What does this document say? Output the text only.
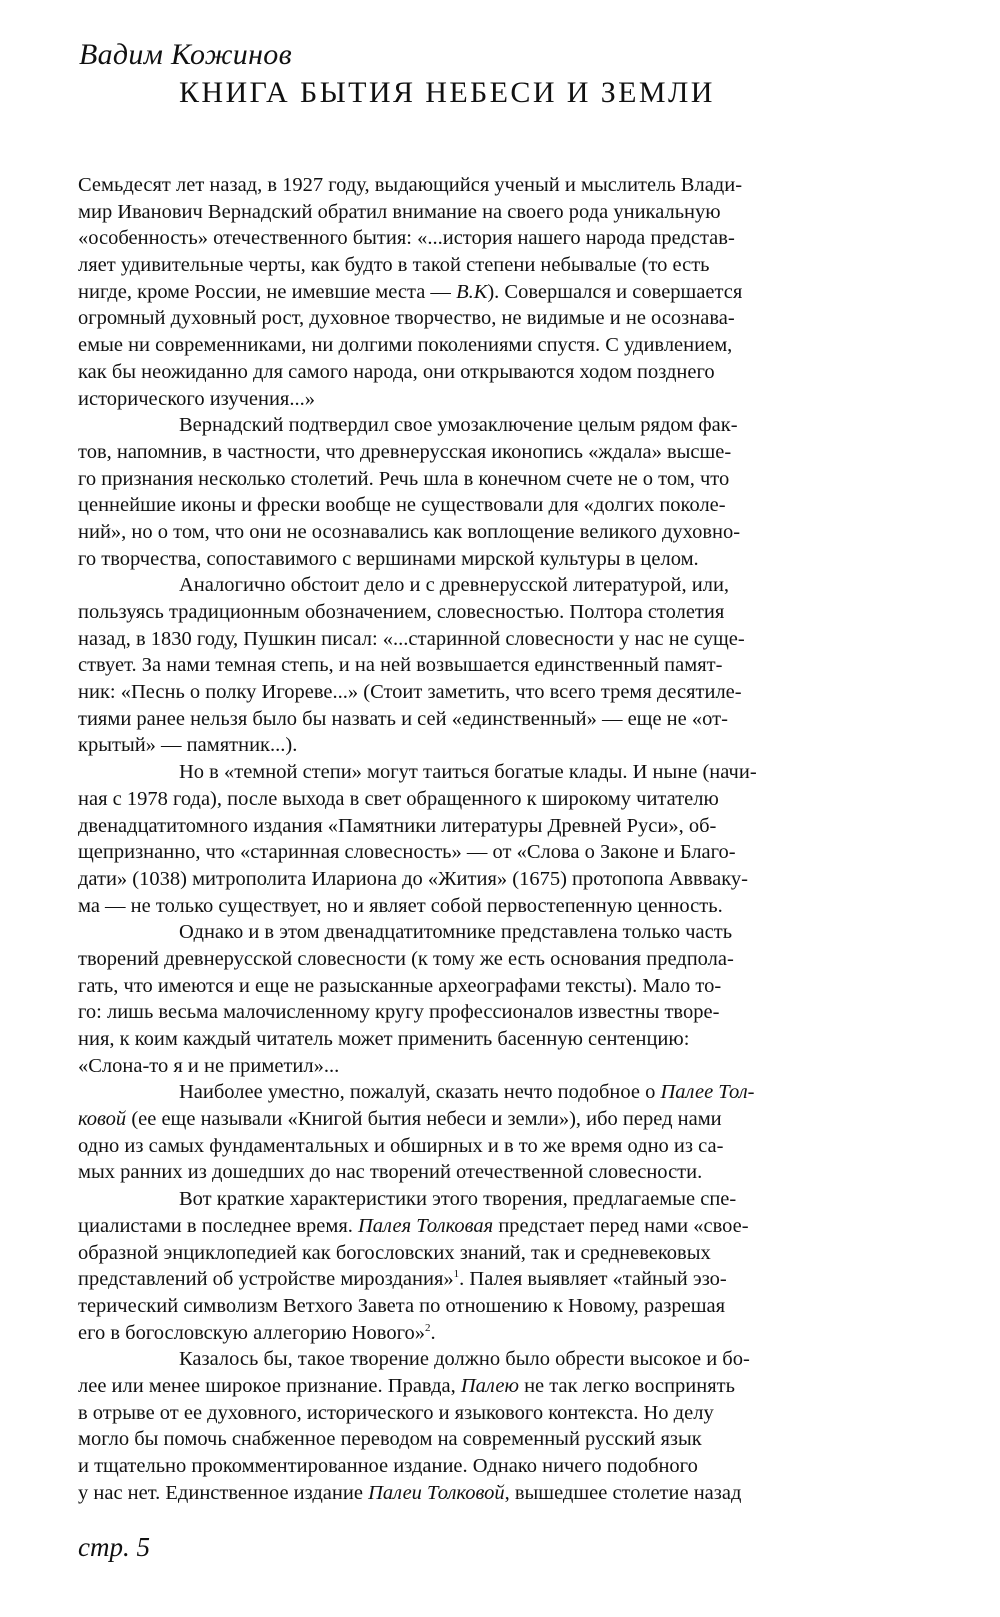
Вадим Кожинов
КНИГА БЫТИЯ НЕБЕСИ И ЗЕМЛИ
Семьдесят лет назад, в 1927 году, выдающийся ученый и мыслитель Влади-
мир Иванович Вернадский обратил внимание на своего рода уникальную
«особенность» отечественного бытия: «...история нашего народа представ-
ляет удивительные черты, как будто в такой степени небывалые (то есть
нигде, кроме России, не имевшие места — В.К). Совершался и совершается
огромный духовный рост, духовное творчество, не видимые и не осознава-
емые ни современниками, ни долгими поколениями спустя. С удивлением,
как бы неожиданно для самого народа, они открываются ходом позднего
исторического изучения...»
Вернадский подтвердил свое умозаключение целым рядом фак-
тов, напомнив, в частности, что древнерусская иконопись «ждала» высше-
го признания несколько столетий. Речь шла в конечном счете не о том, что
ценнейшие иконы и фрески вообще не существовали для «долгих поколе-
ний», но о том, что они не осознавались как воплощение великого духовно-
го творчества, сопоставимого с вершинами мирской культуры в целом.
Аналогично обстоит дело и с древнерусской литературой, или,
пользуясь традиционным обозначением, словесностью. Полтора столетия
назад, в 1830 году, Пушкин писал: «...старинной словесности у нас не суще-
ствует. За нами темная степь, и на ней возвышается единственный памят-
ник: «Песнь о полку Игореве...» (Стоит заметить, что всего тремя десятиле-
тиями ранее нельзя было бы назвать и сей «единственный» — еще не «от-
крытый» — памятник...).
Но в «темной степи» могут таиться богатые клады. И ныне (начи-
ная с 1978 года), после выхода в свет обращенного к широкому читателю
двенадцатитомного издания «Памятники литературы Древней Руси», об-
щепризнанно, что «старинная словесность» — от «Слова о Законе и Благо-
дати» (1038) митрополита Илариона до «Жития» (1675) протопопа Аввваку-
ма — не только существует, но и являет собой первостепенную ценность.
Однако и в этом двенадцатитомнике представлена только часть
творений древнерусской словесности (к тому же есть основания предпола-
гать, что имеются и еще не разысканные археографами тексты). Мало то-
го: лишь весьма малочисленному кругу профессионалов известны творе-
ния, к коим каждый читатель может применить басенную сентенцию:
«Слона-то я и не приметил»...
Наиболее уместно, пожалуй, сказать нечто подобное о Палее Тол-
ковой (ее еще называли «Книгой бытия небеси и земли»), ибо перед нами
одно из самых фундаментальных и обширных и в то же время одно из са-
мых ранних из дошедших до нас творений отечественной словесности.
Вот краткие характеристики этого творения, предлагаемые спе-
циалистами в последнее время. Палея Толковая предстает перед нами «свое-
образной энциклопедией как богословских знаний, так и средневековых
представлений об устройстве мироздания»$^1$. Палея выявляет «тайный эзо-
терический символизм Ветхого Завета по отношению к Новому, разрешая
его в богословскую аллегорию Нового»$^2$.
Казалось бы, такое творение должно было обрести высокое и бо-
лее или менее широкое признание. Правда, Палею не так легко воспринять
в отрыве от ее духовного, исторического и языкового контекста. Но делу
могло бы помочь снабженное переводом на современный русский язык
и тщательно прокомментированное издание. Однако ничего подобного
у нас нет. Единственное издание Палеи Толковой, вышедшее столетие назад
стр. 5
